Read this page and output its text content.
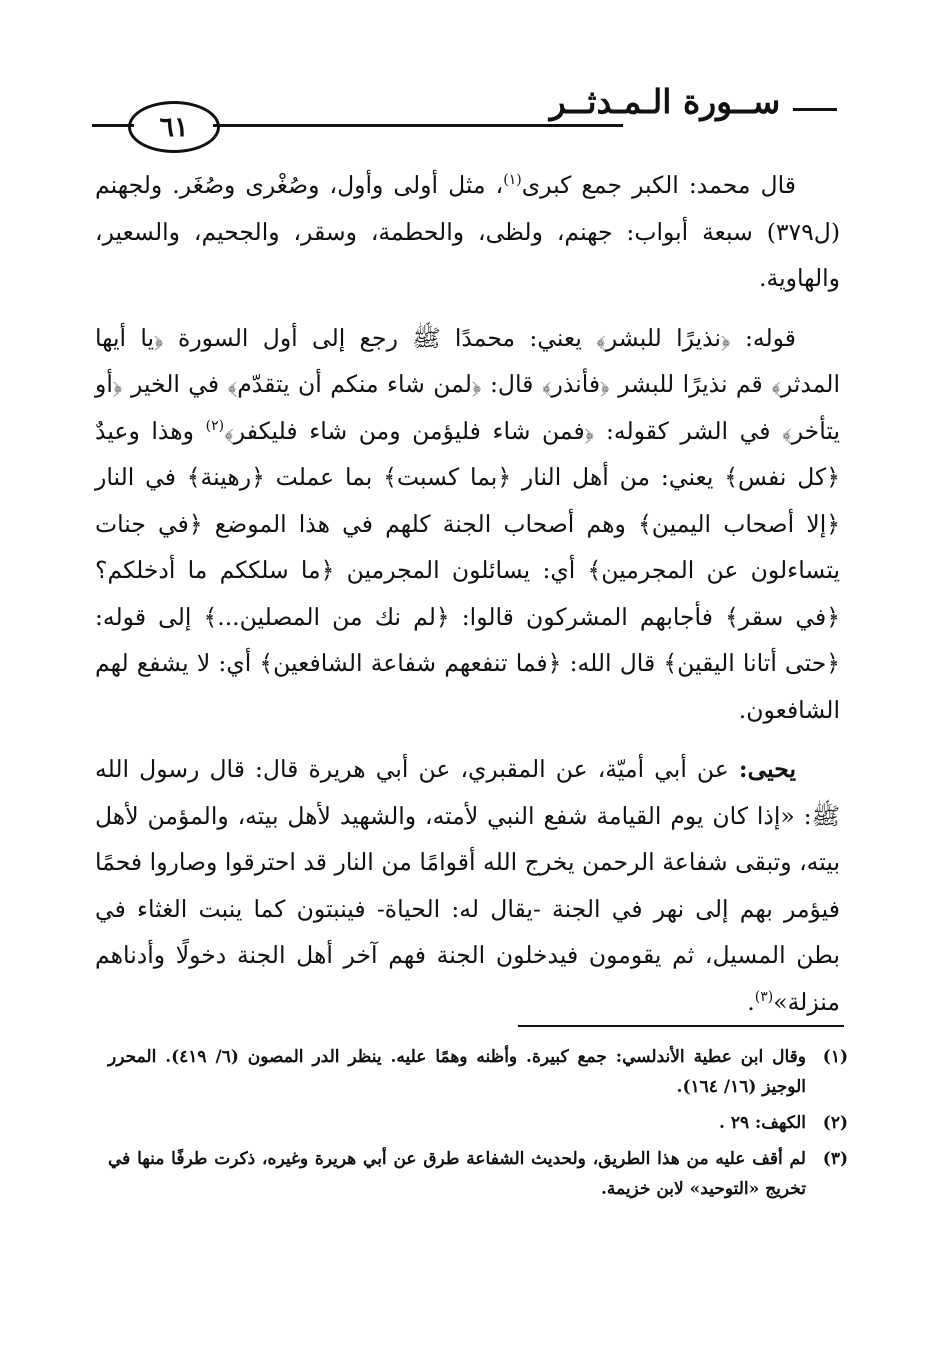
٦١
ســورة الـمـدثــر

قال محمد: الكبر جمع كبرى$^{(١)}$، مثل أولى وأول، وصُغْرى وصُغَر. ولجهنم (ل٣٧٩) سبعة أبواب: جهنم، ولظى، والحطمة، وسقر، والجحيم، والسعير، والهاوية.

قوله: ﴿نذيرًا للبشر﴾ يعني: محمدًا ﷺ رجع إلى أول السورة ﴿يا أيها المدثر﴾ قم نذيرًا للبشر ﴿فأنذر﴾ قال: ﴿لمن شاء منكم أن يتقدّم﴾ في الخير ﴿أو يتأخر﴾ في الشر كقوله: ﴿فمن شاء فليؤمن ومن شاء فليكفر﴾$^{(٢)}$ وهذا وعيدٌ ﴿كل نفس﴾ يعني: من أهل النار ﴿بما كسبت﴾ بما عملت ﴿رهينة﴾ في النار ﴿إلا أصحاب اليمين﴾ وهم أصحاب الجنة كلهم في هذا الموضع ﴿في جنات يتساءلون عن المجرمين﴾ أي: يسائلون المجرمين ﴿ما سلككم ما أدخلكم؟ ﴿في سقر﴾ فأجابهم المشركون قالوا: ﴿لم نك من المصلين...﴾ إلى قوله: ﴿حتى أتانا اليقين﴾ قال الله: ﴿فما تنفعهم شفاعة الشافعين﴾ أي: لا يشفع لهم الشافعون.

يحيى: عن أبي أميّة، عن المقبري، عن أبي هريرة قال: قال رسول الله ﷺ: «إذا كان يوم القيامة شفع النبي لأمته، والشهيد لأهل بيته، والمؤمن لأهل بيته، وتبقى شفاعة الرحمن يخرج الله أقوامًا من النار قد احترقوا وصاروا فحمًا فيؤمر بهم إلى نهر في الجنة -يقال له: الحياة- فينبتون كما ينبت الغثاء في بطن المسيل، ثم يقومون فيدخلون الجنة فهم آخر أهل الجنة دخولًا وأدناهم منزلة»$^{(٣)}$.

(١)
وقال ابن عطية الأندلسي: جمع كبيرة. وأظنه وهمًا عليه. ينظر الدر المصون (٦/ ٤١٩). المحرر الوجيز (١٦/ ١٦٤).
(٢)
الكهف: ٢٩ .
(٣)
لم أقف عليه من هذا الطريق، ولحديث الشفاعة طرق عن أبي هريرة وغيره، ذكرت طرفًا منها في تخريج «التوحيد» لابن خزيمة.
